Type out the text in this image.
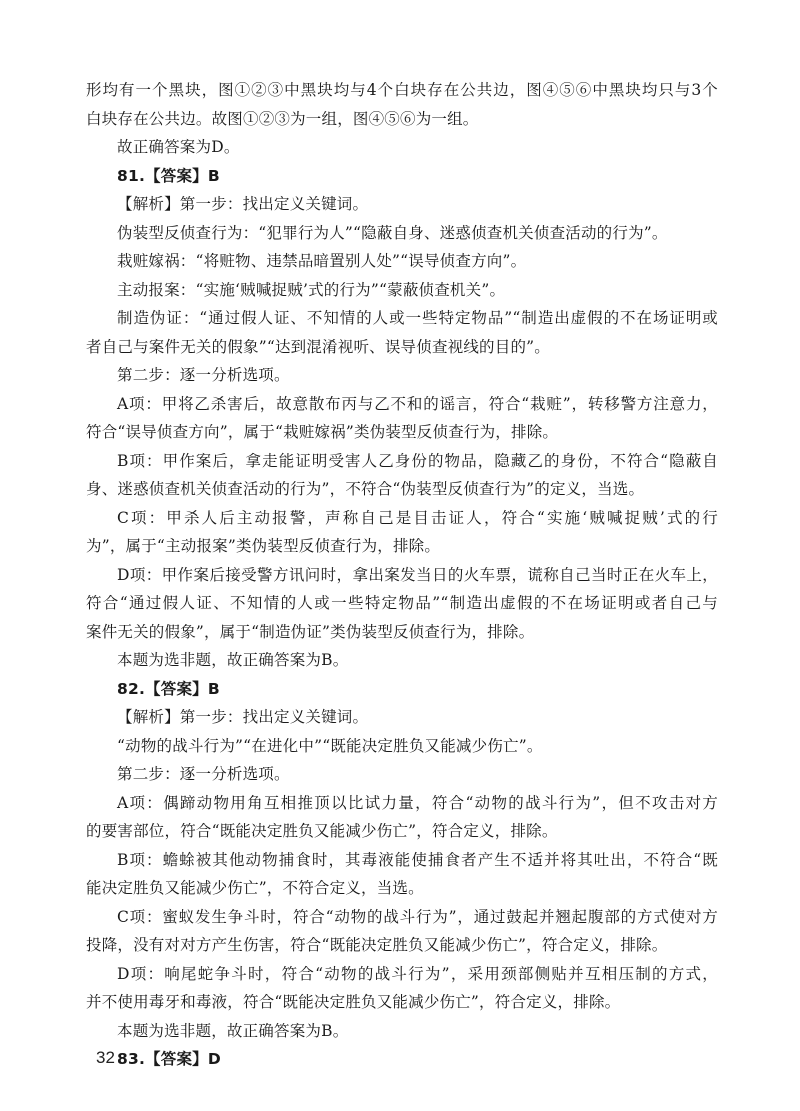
形均有一个黑块，图①②③中黑块均与4个白块存在公共边，图④⑤⑥中黑块均只与3个
白块存在公共边。故图①②③为一组，图④⑤⑥为一组。
故正确答案为D。
81.【答案】B
【解析】第一步：找出定义关键词。
伪装型反侦查行为：“犯罪行为人”“隐蔽自身、迷惑侦查机关侦查活动的行为”。
栽赃嫁祸：“将赃物、违禁品暗置别人处”“误导侦查方向”。
主动报案：“实施‘贼喊捉贼’式的行为”“蒙蔽侦查机关”。
制造伪证：“通过假人证、不知情的人或一些特定物品”“制造出虚假的不在场证明或
者自己与案件无关的假象”“达到混淆视听、误导侦查视线的目的”。
第二步：逐一分析选项。
A项：甲将乙杀害后，故意散布丙与乙不和的谣言，符合“栽赃”，转移警方注意力，
符合“误导侦查方向”，属于“栽赃嫁祸”类伪装型反侦查行为，排除。
B项：甲作案后，拿走能证明受害人乙身份的物品，隐藏乙的身份，不符合“隐蔽自
身、迷惑侦查机关侦查活动的行为”，不符合“伪装型反侦查行为”的定义，当选。
C项：甲杀人后主动报警，声称自己是目击证人，符合“实施‘贼喊捉贼’式的行
为”，属于“主动报案”类伪装型反侦查行为，排除。
D项：甲作案后接受警方讯问时，拿出案发当日的火车票，谎称自己当时正在火车上，
符合“通过假人证、不知情的人或一些特定物品”“制造出虚假的不在场证明或者自己与
案件无关的假象”，属于“制造伪证”类伪装型反侦查行为，排除。
本题为选非题，故正确答案为B。
82.【答案】B
【解析】第一步：找出定义关键词。
“动物的战斗行为”“在进化中”“既能决定胜负又能减少伤亡”。
第二步：逐一分析选项。
A项：偶蹄动物用角互相推顶以比试力量，符合“动物的战斗行为”，但不攻击对方
的要害部位，符合“既能决定胜负又能减少伤亡”，符合定义，排除。
B项：蟾蜍被其他动物捕食时，其毒液能使捕食者产生不适并将其吐出，不符合“既
能决定胜负又能减少伤亡”，不符合定义，当选。
C项：蜜蚁发生争斗时，符合“动物的战斗行为”，通过鼓起并翘起腹部的方式使对方
投降，没有对对方产生伤害，符合“既能决定胜负又能减少伤亡”，符合定义，排除。
D项：响尾蛇争斗时，符合“动物的战斗行为”，采用颈部侧贴并互相压制的方式，
并不使用毒牙和毒液，符合“既能决定胜负又能减少伤亡”，符合定义，排除。
本题为选非题，故正确答案为B。
83.【答案】D
32
